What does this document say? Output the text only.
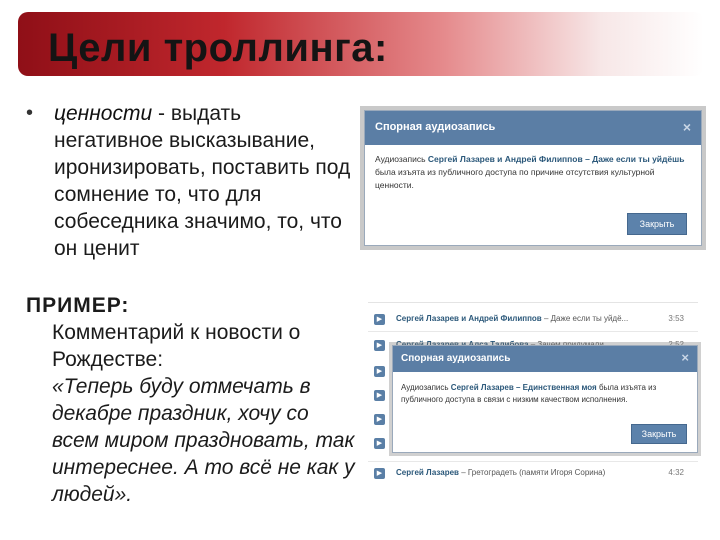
Цели троллинга:
• ценности - выдать негативное высказывание, иронизировать, поставить под сомнение то, что для собеседника значимо, то, что он ценит
ПРИМЕР:
Комментарий к новости о Рождестве:
«Теперь буду отмечать в декабре праздник, хочу со всем миром праздновать, так интереснее. А то всё не как у людей».
Спорная аудиозапись	×
Аудиозапись Сергей Лазарев и Андрей Филиппов – Даже если ты уйдёшь была изъята из публичного доступа по причине отсутствия культурной ценности.
Закрыть
▶	Сергей Лазарев и Андрей Филиппов – Даже если ты уйдё...	3:53
▶
▶
▶
▶
▶
▶	Сергей Лазарев – Гретоградеть (памяти Игоря Сорина)	4:32
Спорная аудиозапись	×
Аудиозапись Сергей Лазарев – Единственная моя была изъята из публичного доступа в связи с низким качеством исполнения.
Закрыть
